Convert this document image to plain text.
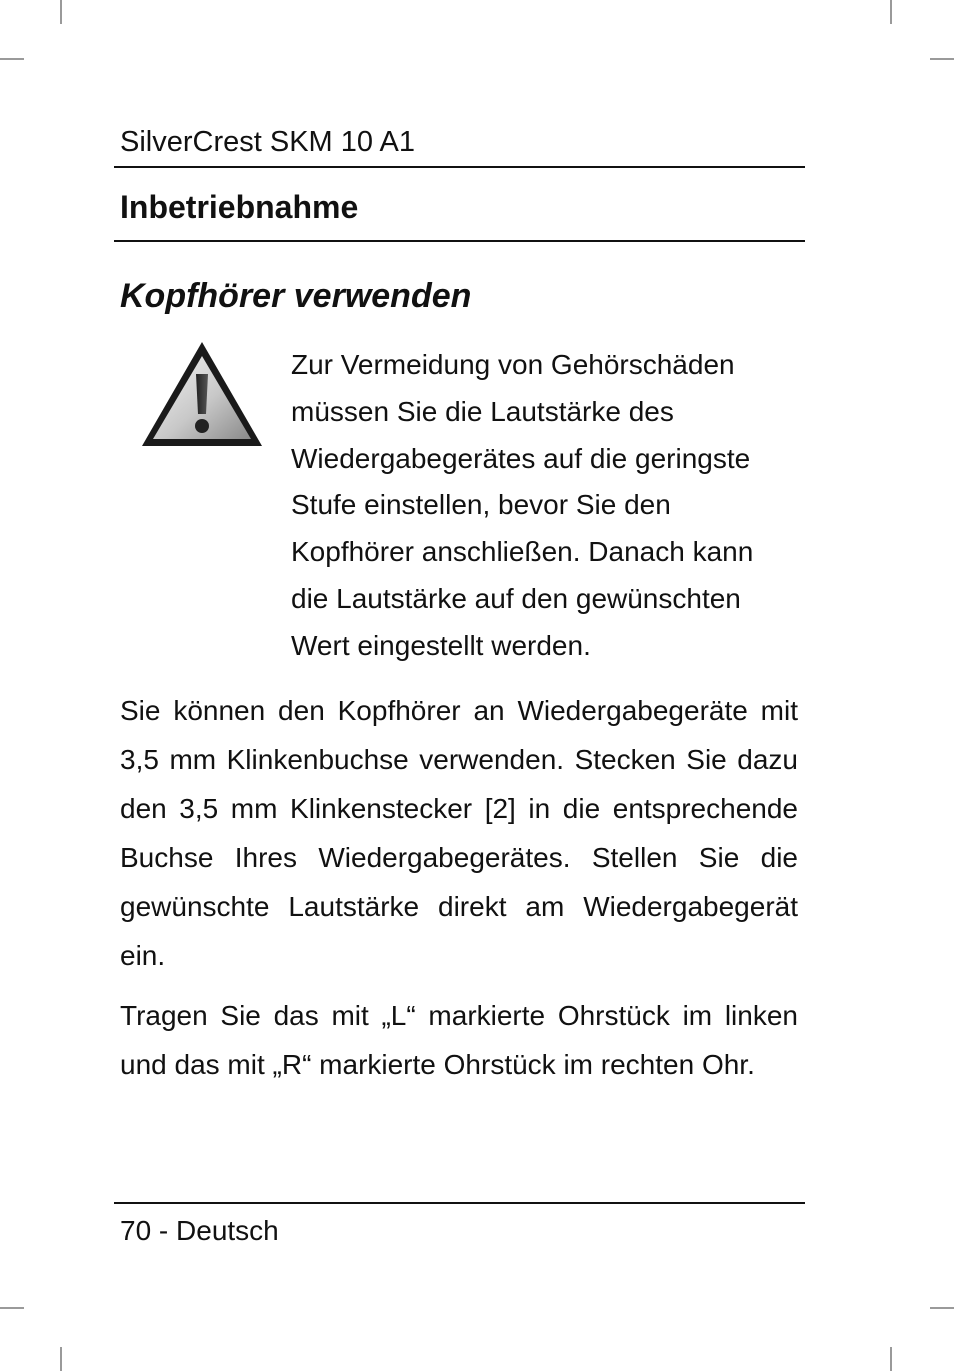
SilverCrest SKM 10 A1
Inbetriebnahme
Kopfhörer verwenden
Zur Vermeidung von Gehörschäden
müssen Sie die Lautstärke des
Wiedergabegerätes auf die geringste
Stufe einstellen, bevor Sie den
Kopfhörer anschließen. Danach kann
die Lautstärke auf den gewünschten
Wert eingestellt werden.
Sie können den Kopfhörer an Wiedergabegeräte mit
3,5 mm Klinkenbuchse verwenden. Stecken Sie dazu
den 3,5 mm Klinkenstecker [2] in die entsprechende
Buchse Ihres Wiedergabegerätes. Stellen Sie die
gewünschte Lautstärke direkt am Wiedergabegerät
ein.
Tragen Sie das mit „L“ markierte Ohrstück im linken
und das mit „R“ markierte Ohrstück im rechten Ohr.
70 - Deutsch
